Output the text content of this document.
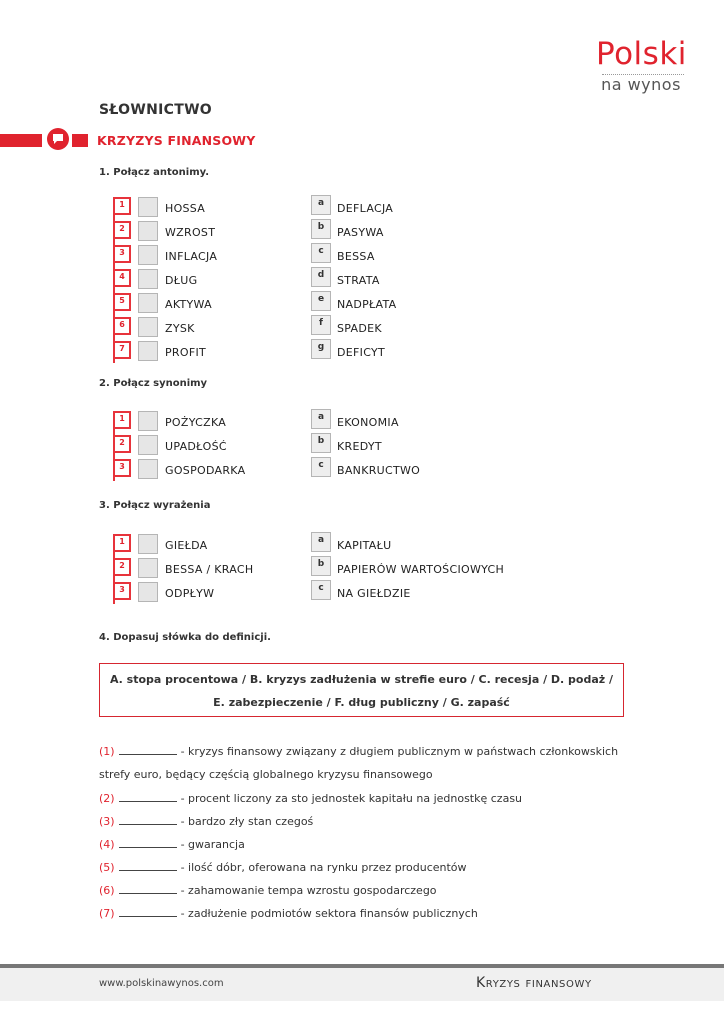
Polski
na wynos
SŁOWNICTWO
KRZYZYS FINANSOWY
1. Połącz antonimy.
1	HOSSA	a	DEFLACJA
2	WZROST	b	PASYWA
3	INFLACJA	c	BESSA
4	DŁUG	d	STRATA
5	AKTYWA	e	NADPŁATA
6	ZYSK	f	SPADEK
7	PROFIT	g	DEFICYT
2. Połącz synonimy
1	POŻYCZKA	a	EKONOMIA
2	UPADŁOŚĆ	b	KREDYT
3	GOSPODARKA	c	BANKRUCTWO
3. Połącz wyrażenia
1	GIEŁDA	a	KAPITAŁU
2	BESSA / KRACH	b	PAPIERÓW WARTOŚCIOWYCH
3	ODPŁYW	c	NA GIEŁDZIE
4. Dopasuj słówka do definicji.
A. stopa procentowa / B. kryzys zadłużenia w strefie euro / C. recesja / D. podaż /
E. zabezpieczenie / F. dług publiczny / G. zapaść
(1)	- kryzys finansowy związany z długiem publicznym w państwach członkowskich
strefy euro, będący częścią globalnego kryzysu finansowego
(2)	- procent liczony za sto jednostek kapitału na jednostkę czasu
(3)	- bardzo zły stan czegoś
(4)	- gwarancja
(5)	- ilość dóbr, oferowana na rynku przez producentów
(6)	- zahamowanie tempa wzrostu gospodarczego
(7)	- zadłużenie podmiotów sektora finansów publicznych
www.polskinawynos.com	Kryzys finansowy
